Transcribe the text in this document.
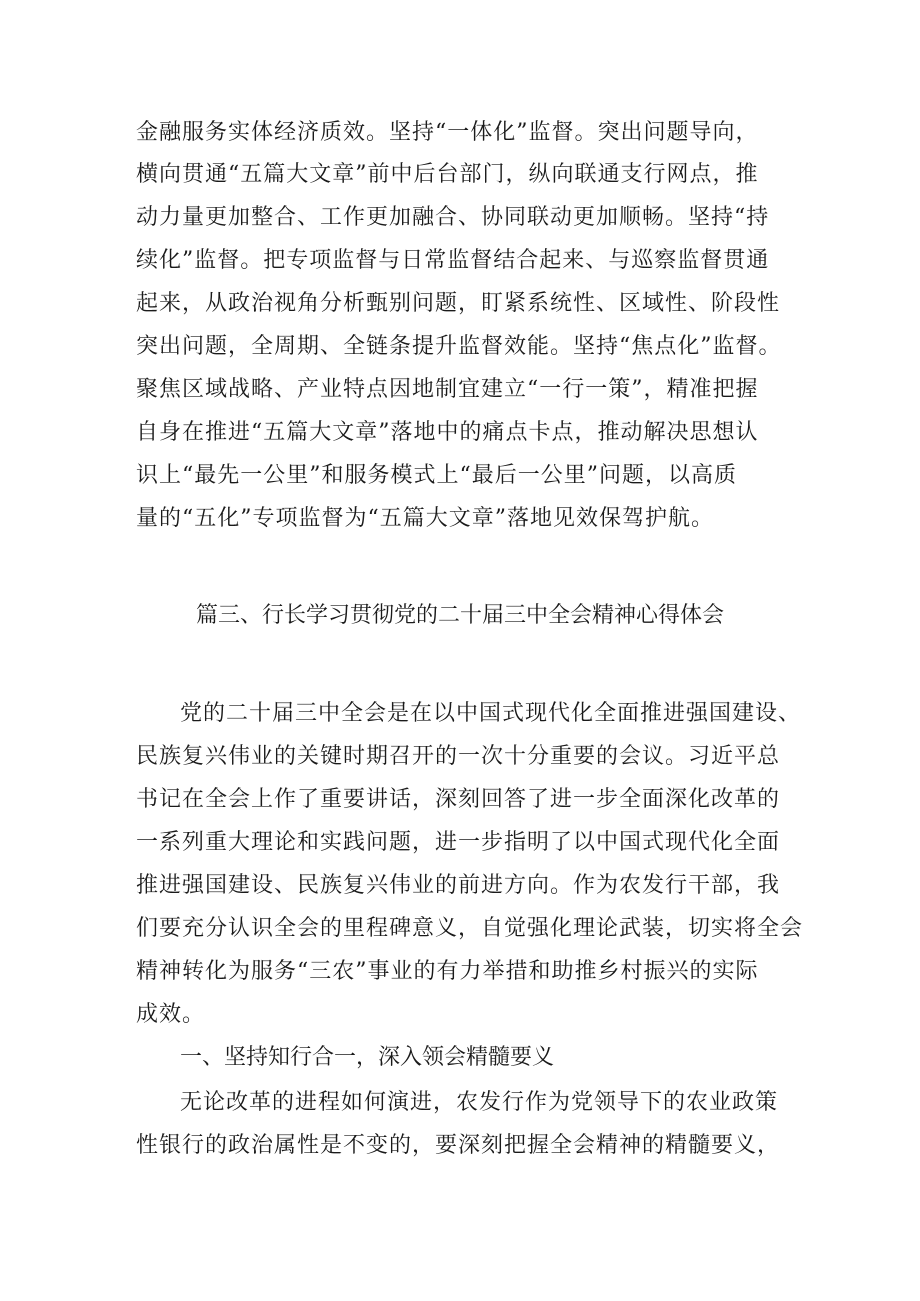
金融服务实体经济质效。坚持“一体化”监督。突出问题导向，
横向贯通“五篇大文章”前中后台部门，纵向联通支行网点，推
动力量更加整合、工作更加融合、协同联动更加顺畅。坚持“持
续化”监督。把专项监督与日常监督结合起来、与巡察监督贯通
起来，从政治视角分析甄别问题，盯紧系统性、区域性、阶段性
突出问题，全周期、全链条提升监督效能。坚持“焦点化”监督。
聚焦区域战略、产业特点因地制宜建立“一行一策”，精准把握
自身在推进“五篇大文章”落地中的痛点卡点，推动解决思想认
识上“最先一公里”和服务模式上“最后一公里”问题，以高质
量的“五化”专项监督为“五篇大文章”落地见效保驾护航。
篇三、行长学习贯彻党的二十届三中全会精神心得体会
党的二十届三中全会是在以中国式现代化全面推进强国建设、
民族复兴伟业的关键时期召开的一次十分重要的会议。习近平总
书记在全会上作了重要讲话，深刻回答了进一步全面深化改革的
一系列重大理论和实践问题，进一步指明了以中国式现代化全面
推进强国建设、民族复兴伟业的前进方向。作为农发行干部，我
们要充分认识全会的里程碑意义，自觉强化理论武装，切实将全会
精神转化为服务“三农”事业的有力举措和助推乡村振兴的实际
成效。
一、坚持知行合一，深入领会精髓要义
无论改革的进程如何演进，农发行作为党领导下的农业政策
性银行的政治属性是不变的，要深刻把握全会精神的精髓要义，
